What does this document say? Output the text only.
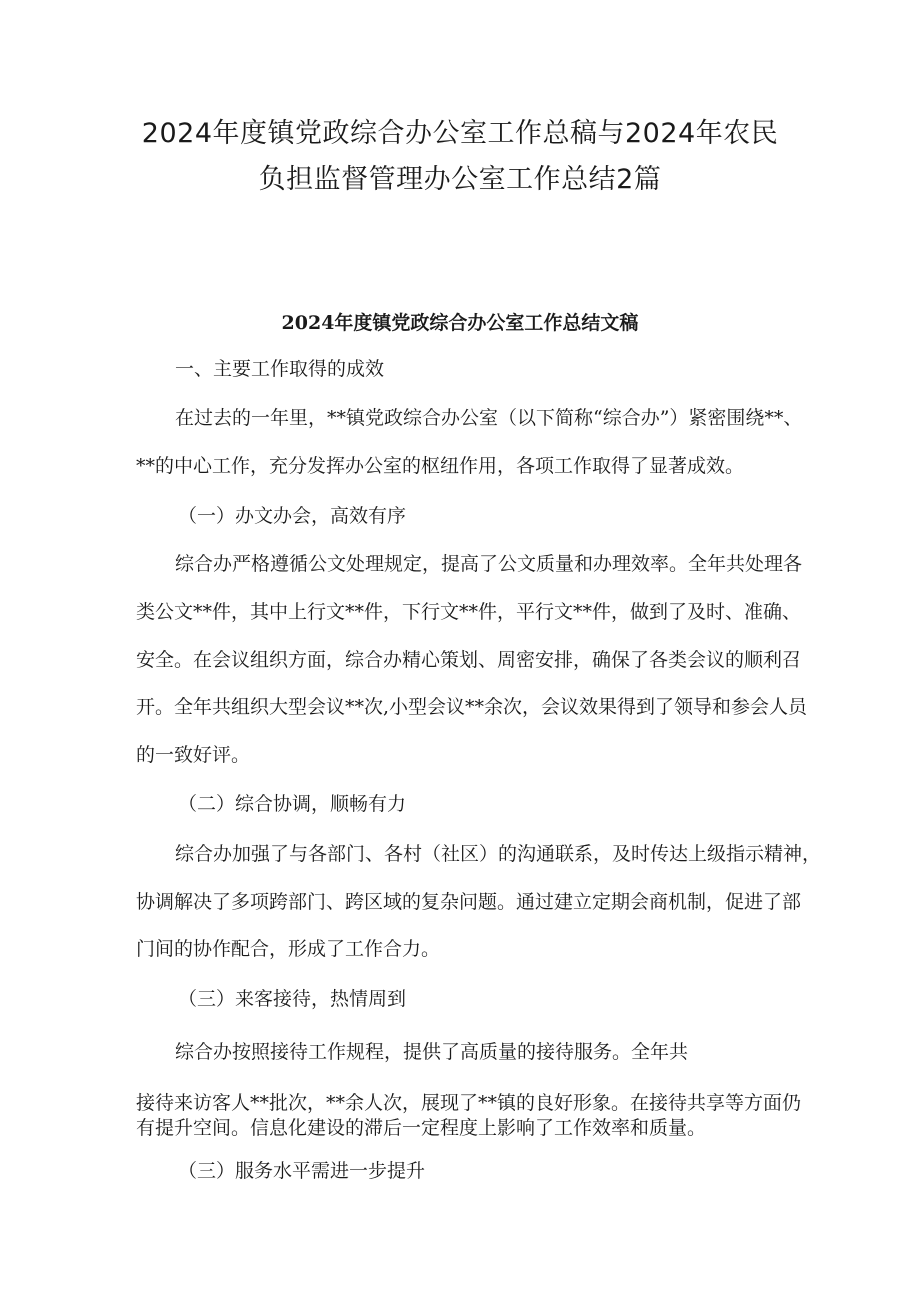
2024年度镇党政综合办公室工作总稿与2024年农民
负担监督管理办公室工作总结2篇
2024年度镇党政综合办公室工作总结文稿

一、主要工作取得的成效

在过去的一年里，**镇党政综合办公室（以下简称“综合办”）紧密围绕**、

**的中心工作，充分发挥办公室的枢纽作用，各项工作取得了显著成效。

（一）办文办会，高效有序

综合办严格遵循公文处理规定，提高了公文质量和办理效率。全年共处理各

类公文**件，其中上行文**件，下行文**件，平行文**件，做到了及时、准确、

安全。在会议组织方面，综合办精心策划、周密安排，确保了各类会议的顺利召

开。全年共组织大型会议**次,小型会议**余次，会议效果得到了领导和参会人员

的一致好评。

（二）综合协调，顺畅有力

综合办加强了与各部门、各村（社区）的沟通联系，及时传达上级指示精神，

协调解决了多项跨部门、跨区域的复杂问题。通过建立定期会商机制，促进了部

门间的协作配合，形成了工作合力。

（三）来客接待，热情周到

综合办按照接待工作规程，提供了高质量的接待服务。全年共

接待来访客人**批次，**余人次，展现了**镇的良好形象。在接待共享等方面仍

有提升空间。信息化建设的滞后一定程度上影响了工作效率和质量。

（三）服务水平需进一步提升
